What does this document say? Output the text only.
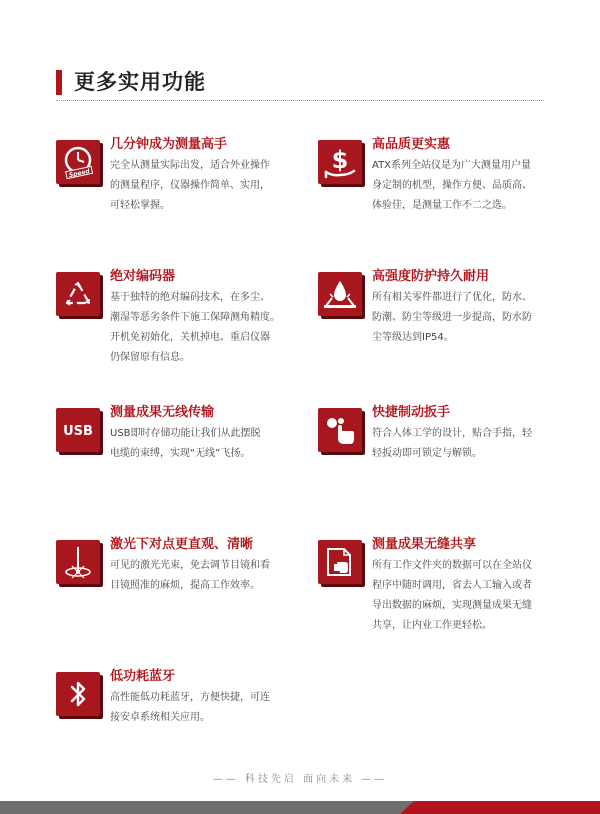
更多实用功能
Speed
几分钟成为测量高手
完全从测量实际出发，适合外业操作
的测量程序，仪器操作简单、实用，
可轻松掌握。
$
高品质更实惠
ATX系列全站仪是为广大测量用户量
身定制的机型，操作方便、品质高、
体验佳，是测量工作不二之选。
绝对编码器
基于独特的绝对编码技术，在多尘、
潮湿等恶劣条件下施工保障测角精度。
开机免初始化，关机掉电、重启仪器
仍保留原有信息。
高强度防护持久耐用
所有相关零件都进行了优化，防水、
防潮、防尘等级进一步提高，防水防
尘等级达到IP54。
USB
测量成果无线传输
USB即时存储功能让我们从此摆脱
电缆的束缚，实现“无线”飞扬。
快捷制动扳手
符合人体工学的设计，贴合手指，轻
轻扳动即可锁定与解锁。
激光下对点更直观、清晰
可见的激光光束，免去调节目镜和看
目镜照准的麻烦，提高工作效率。
测量成果无缝共享
所有工作文件夹的数据可以在全站仪
程序中随时调用，省去人工输入或者
导出数据的麻烦，实现测量成果无缝
共享，让内业工作更轻松。
低功耗蓝牙
高性能低功耗蓝牙，方便快捷，可连
接安卓系统相关应用。
—— 科技先启 面向未来 ——
